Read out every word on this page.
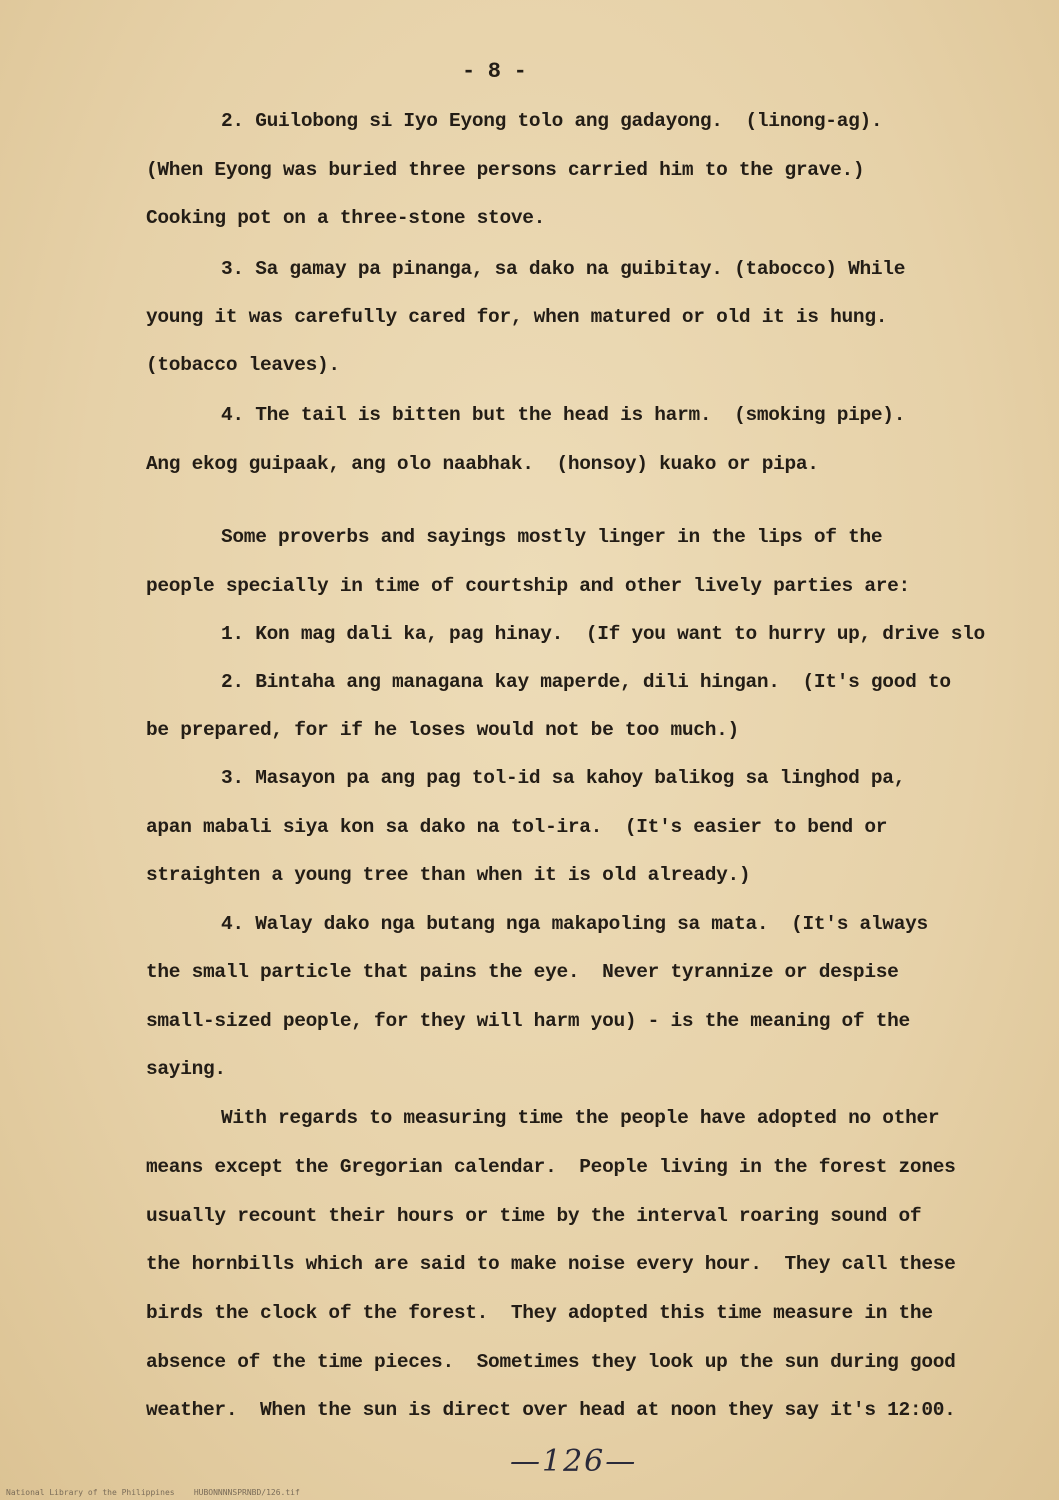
- 8 -
2. Guilobong si Iyo Eyong tolo ang gadayong.  (linong-ag).
(When Eyong was buried three persons carried him to the grave.)
Cooking pot on a three-stone stove.
3. Sa gamay pa pinanga, sa dako na guibitay. (tabocco) While
young it was carefully cared for, when matured or old it is hung.
(tobacco leaves).
4. The tail is bitten but the head is harm.  (smoking pipe).
Ang ekog guipaak, ang olo naabhak.  (honsoy) kuako or pipa.
Some proverbs and sayings mostly linger in the lips of the
people specially in time of courtship and other lively parties are:
1. Kon mag dali ka, pag hinay.  (If you want to hurry up, drive slo
2. Bintaha ang managana kay maperde, dili hingan.  (It's good to
be prepared, for if he loses would not be too much.)
3. Masayon pa ang pag tol-id sa kahoy balikog sa linghod pa,
apan mabali siya kon sa dako na tol-ira.  (It's easier to bend or
straighten a young tree than when it is old already.)
4. Walay dako nga butang nga makapoling sa mata.  (It's always
the small particle that pains the eye.  Never tyrannize or despise
small-sized people, for they will harm you) - is the meaning of the
saying.
With regards to measuring time the people have adopted no other
means except the Gregorian calendar.  People living in the forest zones
usually recount their hours or time by the interval roaring sound of
the hornbills which are said to make noise every hour.  They call these
birds the clock of the forest.  They adopted this time measure in the
absence of the time pieces.  Sometimes they look up the sun during good
weather.  When the sun is direct over head at noon they say it's 12:00.
—126—
National Library of the Philippines    HUBONNNNSPRNBD/126.tif
